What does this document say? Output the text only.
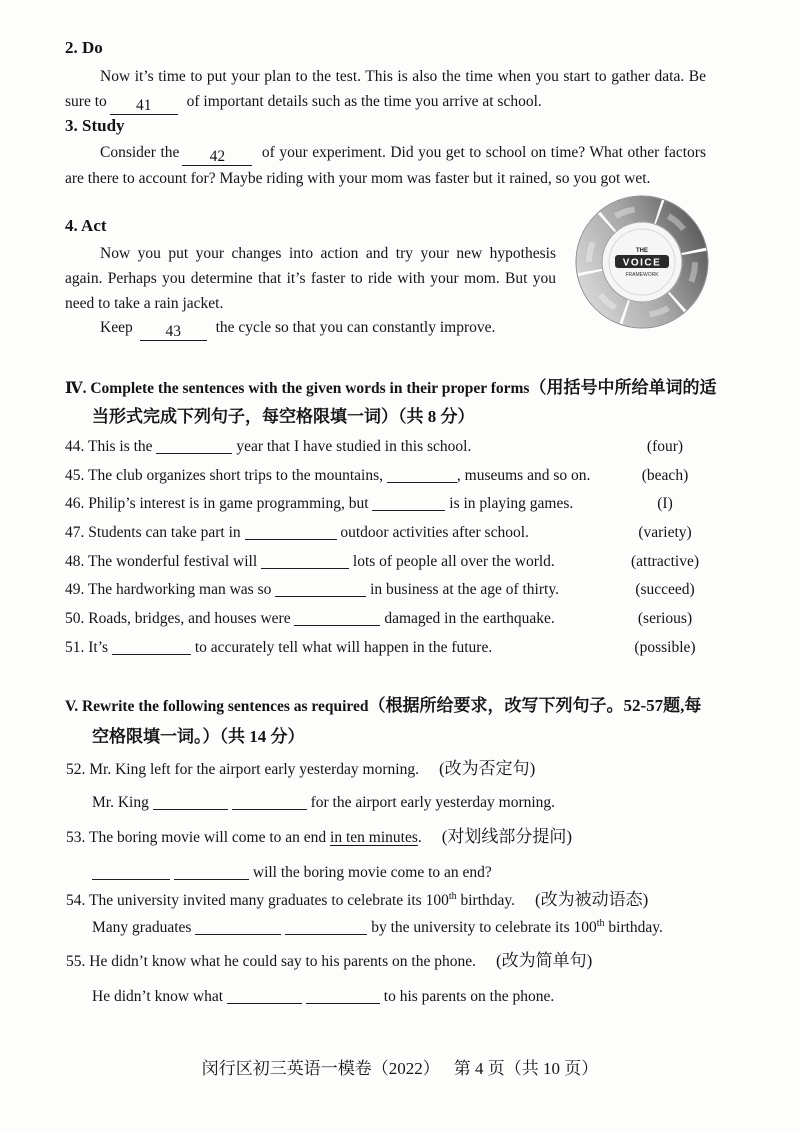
2. Do
Now it’s time to put your plan to the test. This is also the time when you start to gather data. Be sure to 41 of important details such as the time you arrive at school.
3. Study
Consider the 42 of your experiment. Did you get to school on time? What other factors are there to account for? Maybe riding with your mom was faster but it rained, so you got wet.
4. Act
Now you put your changes into action and try your new hypothesis again. Perhaps you determine that it’s faster to ride with your mom. But you need to take a rain jacket.
Keep 43 the cycle so that you can constantly improve.
THE
VOICE
FRAMEWORK
Ⅳ. Complete the sentences with the given words in their proper forms（用括号中所给单词的适当形式完成下列句子，每空格限填一词）（共 8 分）
44. This is the	year that I have studied in this school.	(four)
45. The club organizes short trips to the mountains,	, museums and so on.	(beach)
46. Philip’s interest is in game programming, but	is in playing games.	(I)
47. Students can take part in	outdoor activities after school.	(variety)
48. The wonderful festival will	lots of people all over the world.	(attractive)
49. The hardworking man was so	in business at the age of thirty.	(succeed)
50. Roads, bridges, and houses were	damaged in the earthquake.	(serious)
51. It’s	to accurately tell what will happen in the future.	(possible)
V. Rewrite the following sentences as required（根据所给要求，改写下列句子。52-57题,每空格限填一词。）（共 14 分）
52. Mr. King left for the airport early yesterday morning. (改为否定句)
Mr. King	for the airport early yesterday morning.
53. The boring movie will come to an end in ten minutes. (对划线部分提问)
will the boring movie come to an end?
54. The university invited many graduates to celebrate its 100th birthday. (改为被动语态)
Many graduates	by the university to celebrate its 100th birthday.
55. He didn’t know what he could say to his parents on the phone. (改为简单句)
He didn’t know what	to his parents on the phone.
闵行区初三英语一模卷（2022） 第 4 页（共 10 页）
